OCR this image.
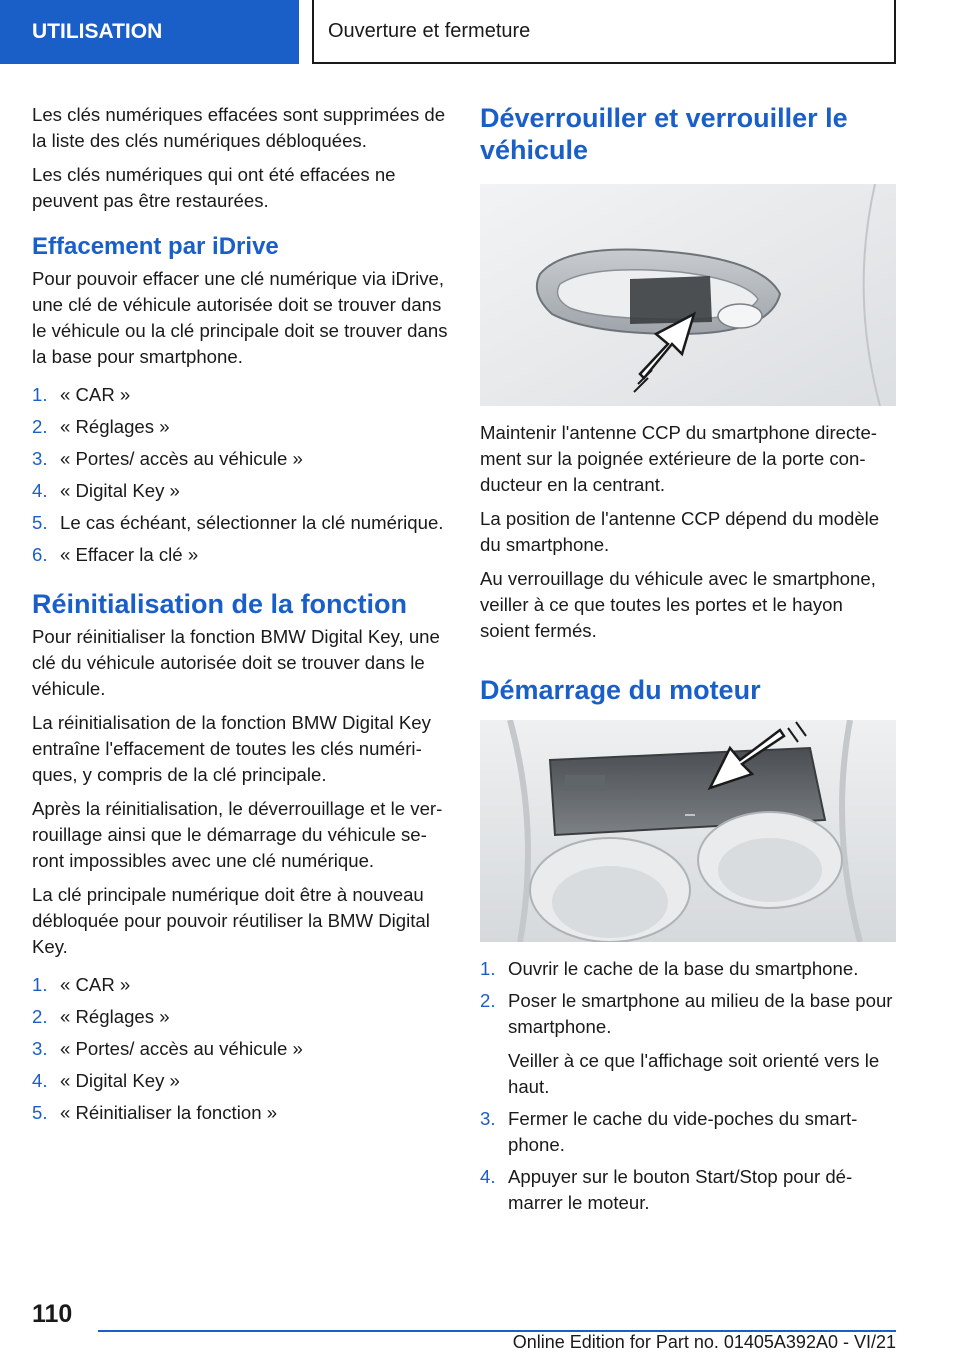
UTILISATION	Ouverture et fermeture

Les clés numériques effacées sont supprimées de la liste des clés numériques débloquées.

Les clés numériques qui ont été effacées ne peuvent pas être restaurées.

Effacement par iDrive

Pour pouvoir effacer une clé numérique via iDrive, une clé de véhicule autorisée doit se trouver dans le véhicule ou la clé principale doit se trouver dans la base pour smartphone.

1. « CAR »
2. « Réglages »
3. « Portes/ accès au véhicule »
4. « Digital Key »
5. Le cas échéant, sélectionner la clé numérique.
6. « Effacer la clé »
Réinitialisation de la fonction

Pour réinitialiser la fonction BMW Digital Key, une clé du véhicule autorisée doit se trouver dans le véhicule.

La réinitialisation de la fonction BMW Digital Key entraîne l'effacement de toutes les clés numériques, y compris de la clé principale.

Après la réinitialisation, le déverrouillage et le verrouillage ainsi que le démarrage du véhicule seront impossibles avec une clé numérique.

La clé principale numérique doit être à nouveau débloquée pour pouvoir réutiliser la BMW Digital Key.

1. « CAR »
2. « Réglages »
3. « Portes/ accès au véhicule »
4. « Digital Key »
5. « Réinitialiser la fonction »
Déverrouiller et verrouiller le véhicule

Maintenir l'antenne CCP du smartphone directement sur la poignée extérieure de la porte conducteur en la centrant.

La position de l'antenne CCP dépend du modèle du smartphone.

Au verrouillage du véhicule avec le smartphone, veiller à ce que toutes les portes et le hayon soient fermés.

Démarrage du moteur
1. Ouvrir le cache de la base du smartphone.
2. Poser le smartphone au milieu de la base pour smartphone.
Veiller à ce que l'affichage soit orienté vers le haut.
3. Fermer le cache du vide-poches du smartphone.
4. Appuyer sur le bouton Start/Stop pour démarrer le moteur.
110
Online Edition for Part no. 01405A392A0 - VI/21
